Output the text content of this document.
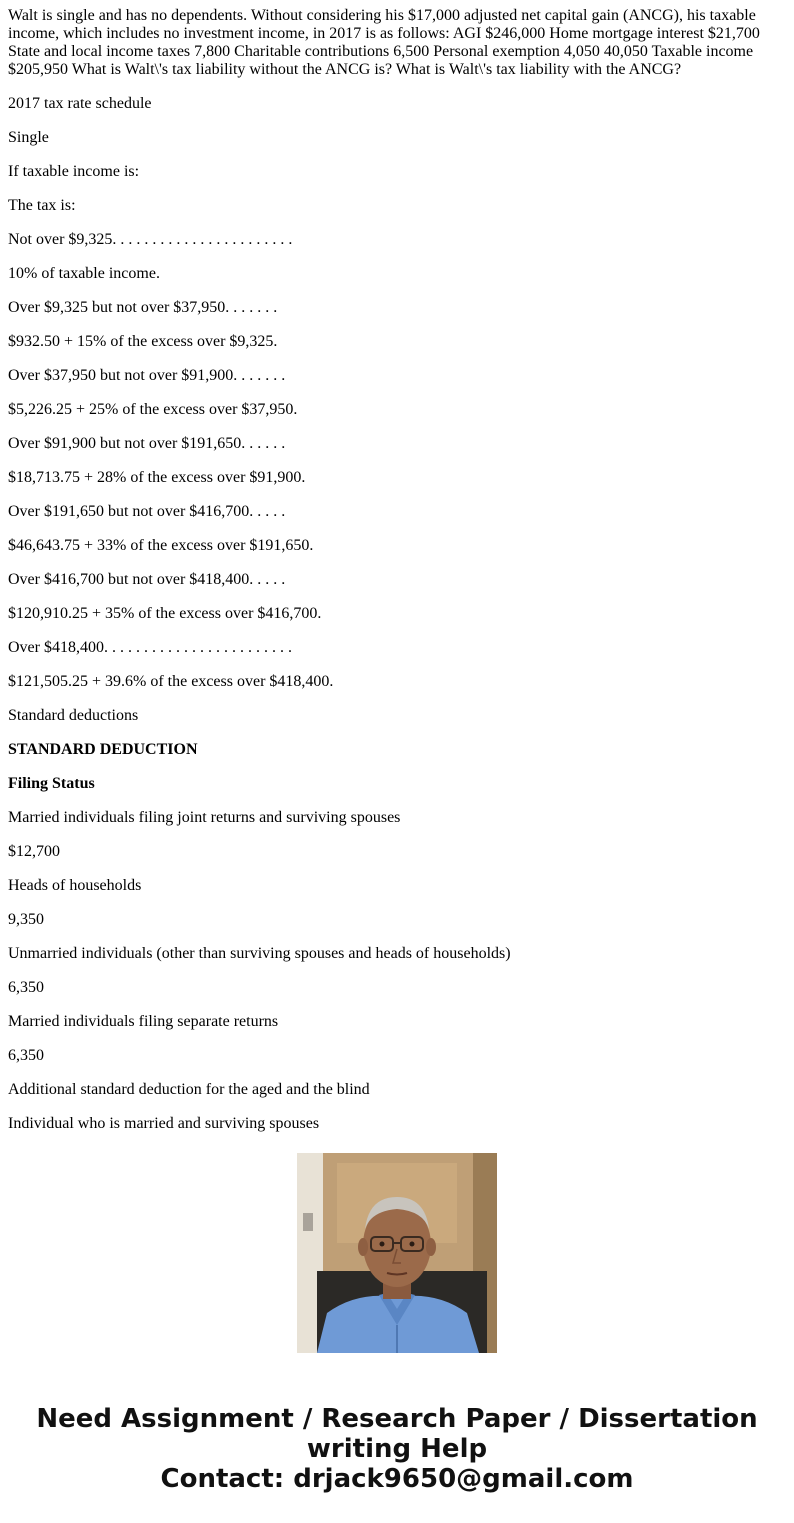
Walt is single and has no dependents. Without considering his $17,000 adjusted net capital gain (ANCG), his taxable income, which includes no investment income, in 2017 is as follows: AGI $246,000 Home mortgage interest $21,700 State and local income taxes 7,800 Charitable contributions 6,500 Personal exemption 4,050 40,050 Taxable income $205,950 What is Walt\'s tax liability without the ANCG is? What is Walt\'s tax liability with the ANCG?

2017 tax rate schedule

Single

If taxable income is:

The tax is:

Not over $9,325. . . . . . . . . . . . . . . . . . . . . . .

10% of taxable income.

Over $9,325 but not over $37,950. . . . . . .

$932.50 + 15% of the excess over $9,325.

Over $37,950 but not over $91,900. . . . . . .

$5,226.25 + 25% of the excess over $37,950.

Over $91,900 but not over $191,650. . . . . .

$18,713.75 + 28% of the excess over $91,900.

Over $191,650 but not over $416,700. . . . .

$46,643.75 + 33% of the excess over $191,650.

Over $416,700 but not over $418,400. . . . .

$120,910.25 + 35% of the excess over $416,700.

Over $418,400. . . . . . . . . . . . . . . . . . . . . . . .

$121,505.25 + 39.6% of the excess over $418,400.

Standard deductions

STANDARD DEDUCTION

Filing Status

Married individuals filing joint returns and surviving spouses

$12,700

Heads of households

9,350

Unmarried individuals (other than surviving spouses and heads of households)

6,350

Married individuals filing separate returns

6,350

Additional standard deduction for the aged and the blind

Individual who is married and surviving spouses

Need Assignment / Research Paper / Dissertation
writing Help
Contact: drjack9650@gmail.com
